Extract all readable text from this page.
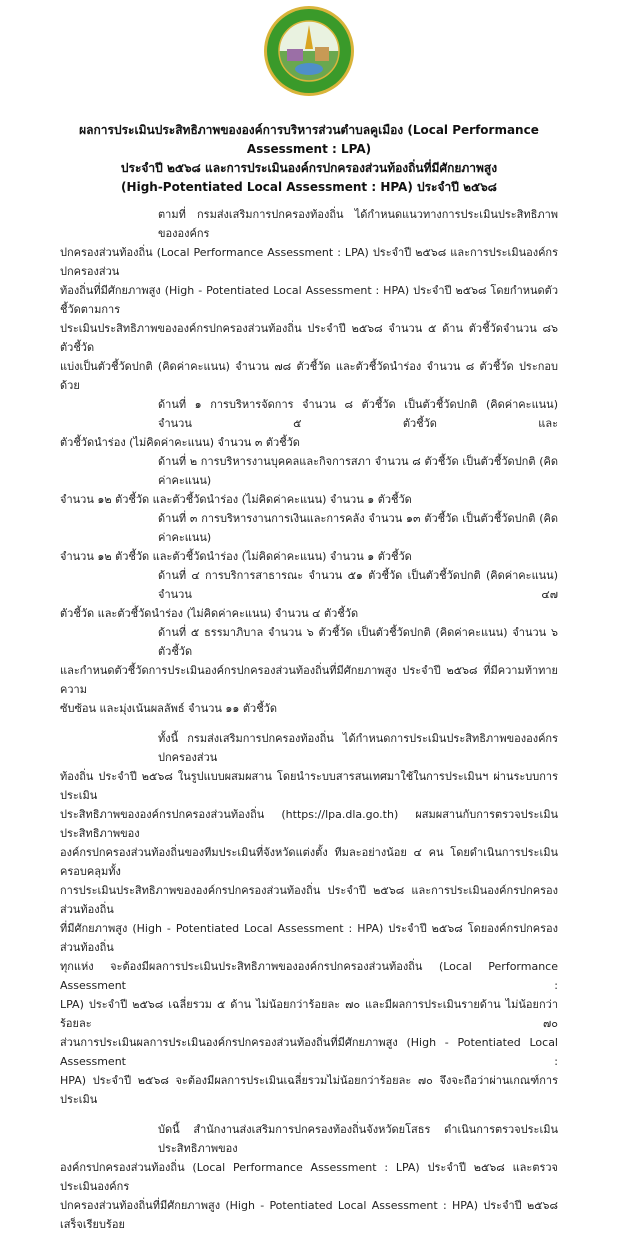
ผลการประเมินประสิทธิภาพขององค์การบริหารส่วนตำบลคูเมือง (Local Performance Assessment : LPA)
ประจำปี ๒๕๖๘ และการประเมินองค์กรปกครองส่วนท้องถิ่นที่มีศักยภาพสูง
(High-Potentiated Local Assessment : HPA) ประจำปี ๒๕๖๘
ตามที่ กรมส่งเสริมการปกครองท้องถิ่น ได้กำหนดแนวทางการประเมินประสิทธิภาพขององค์กร
ปกครองส่วนท้องถิ่น (Local Performance Assessment : LPA) ประจำปี ๒๕๖๘ และการประเมินองค์กรปกครองส่วน
ท้องถิ่นที่มีศักยภาพสูง (High - Potentiated Local Assessment : HPA) ประจำปี ๒๕๖๘ โดยกำหนดตัวชี้วัดตามการ
ประเมินประสิทธิภาพขององค์กรปกครองส่วนท้องถิ่น ประจำปี ๒๕๖๘ จำนวน ๕ ด้าน ตัวชี้วัดจำนวน ๘๖ ตัวชี้วัด
แบ่งเป็นตัวชี้วัดปกติ (คิดค่าคะแนน) จำนวน ๗๘ ตัวชี้วัด และตัวชี้วัดนำร่อง จำนวน ๘ ตัวชี้วัด ประกอบด้วย
ด้านที่ ๑ การบริหารจัดการ จำนวน ๘ ตัวชี้วัด เป็นตัวชี้วัดปกติ (คิดค่าคะแนน) จำนวน ๕ ตัวชี้วัด และ
ตัวชี้วัดนำร่อง (ไม่คิดค่าคะแนน) จำนวน ๓ ตัวชี้วัด
ด้านที่ ๒ การบริหารงานบุคคลและกิจการสภา จำนวน ๘ ตัวชี้วัด เป็นตัวชี้วัดปกติ (คิดค่าคะแนน)
จำนวน ๑๒ ตัวชี้วัด และตัวชี้วัดนำร่อง (ไม่คิดค่าคะแนน) จำนวน ๑ ตัวชี้วัด
ด้านที่ ๓ การบริหารงานการเงินและการคลัง จำนวน ๑๓ ตัวชี้วัด เป็นตัวชี้วัดปกติ (คิดค่าคะแนน)
จำนวน ๑๒ ตัวชี้วัด และตัวชี้วัดนำร่อง (ไม่คิดค่าคะแนน) จำนวน ๑ ตัวชี้วัด
ด้านที่ ๔ การบริการสาธารณะ จำนวน ๕๑ ตัวชี้วัด เป็นตัวชี้วัดปกติ (คิดค่าคะแนน) จำนวน ๔๗
ตัวชี้วัด และตัวชี้วัดนำร่อง (ไม่คิดค่าคะแนน) จำนวน ๔ ตัวชี้วัด
ด้านที่ ๕ ธรรมาภิบาล จำนวน ๖ ตัวชี้วัด เป็นตัวชี้วัดปกติ (คิดค่าคะแนน) จำนวน ๖ ตัวชี้วัด
และกำหนดตัวชี้วัดการประเมินองค์กรปกครองส่วนท้องถิ่นที่มีศักยภาพสูง ประจำปี ๒๕๖๘ ที่มีความท้าทาย ความ
ซับซ้อน และมุ่งเน้นผลลัพธ์ จำนวน ๑๑ ตัวชี้วัด
ทั้งนี้ กรมส่งเสริมการปกครองท้องถิ่น ได้กำหนดการประเมินประสิทธิภาพขององค์กรปกครองส่วน
ท้องถิ่น ประจำปี ๒๕๖๘ ในรูปแบบผสมผสาน โดยนำระบบสารสนเทศมาใช้ในการประเมินฯ ผ่านระบบการประเมิน
ประสิทธิภาพขององค์กรปกครองส่วนท้องถิ่น (https://lpa.dla.go.th) ผสมผสานกับการตรวจประเมินประสิทธิภาพของ
องค์กรปกครองส่วนท้องถิ่นของทีมประเมินที่จังหวัดแต่งตั้ง ทีมละอย่างน้อย ๔ คน โดยดำเนินการประเมินครอบคลุมทั้ง
การประเมินประสิทธิภาพขององค์กรปกครองส่วนท้องถิ่น ประจำปี ๒๕๖๘ และการประเมินองค์กรปกครองส่วนท้องถิ่น
ที่มีศักยภาพสูง (High - Potentiated Local Assessment : HPA) ประจำปี ๒๕๖๘ โดยองค์กรปกครองส่วนท้องถิ่น
ทุกแห่ง จะต้องมีผลการประเมินประสิทธิภาพขององค์กรปกครองส่วนท้องถิ่น (Local Performance Assessment :
LPA) ประจำปี ๒๕๖๘ เฉลี่ยรวม ๕ ด้าน ไม่น้อยกว่าร้อยละ ๗๐ และมีผลการประเมินรายด้าน ไม่น้อยกว่าร้อยละ ๗๐
ส่วนการประเมินผลการประเมินองค์กรปกครองส่วนท้องถิ่นที่มีศักยภาพสูง (High - Potentiated Local Assessment :
HPA) ประจำปี ๒๕๖๘ จะต้องมีผลการประเมินเฉลี่ยรวมไม่น้อยกว่าร้อยละ ๗๐ จึงจะถือว่าผ่านเกณฑ์การประเมิน
บัดนี้ สำนักงานส่งเสริมการปกครองท้องถิ่นจังหวัดยโสธร ดำเนินการตรวจประเมินประสิทธิภาพของ
องค์กรปกครองส่วนท้องถิ่น (Local Performance Assessment : LPA) ประจำปี ๒๕๖๘ และตรวจประเมินองค์กร
ปกครองส่วนท้องถิ่นที่มีศักยภาพสูง (High - Potentiated Local Assessment : HPA) ประจำปี ๒๕๖๘ เสร็จเรียบร้อย
